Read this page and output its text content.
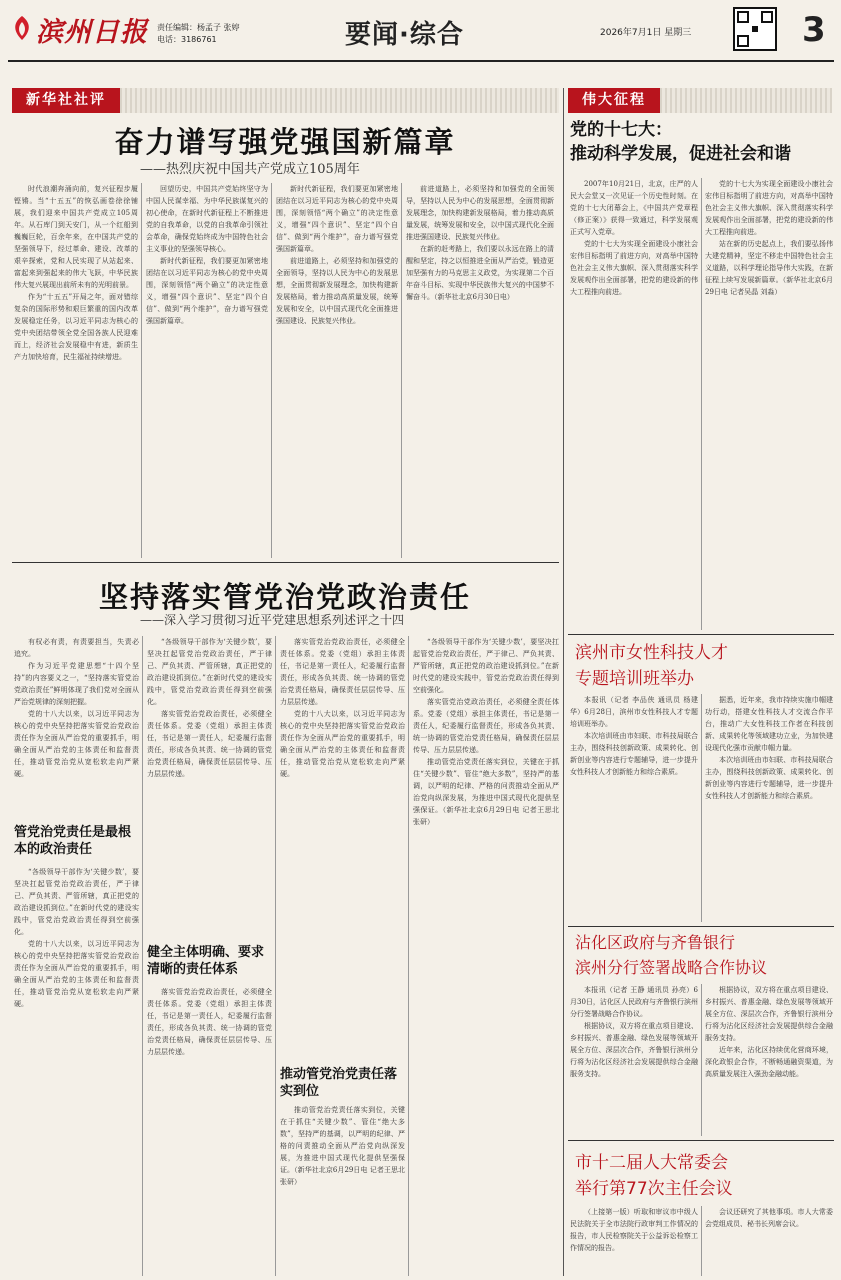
滨州日报 责任编辑：杨孟子 张婷
电话：3186761	要闻·综合	2026年7月1日 星期三	3
新华社社评	伟大征程
奋力谱写强党强国新篇章
——热烈庆祝中国共产党成立105周年

时代浪潮奔涌向前，复兴征程步履铿锵。当“十五五”的恢弘画卷徐徐铺展，我们迎来中国共产党成立105周年。从石库门到天安门，从一个红船到巍巍巨轮，百余年来，在中国共产党的坚强领导下，经过革命、建设、改革的艰辛探索，党和人民实现了从站起来、富起来到强起来的伟大飞跃，中华民族伟大复兴展现出前所未有的光明前景。

作为“十五五”开局之年，面对错综复杂的国际形势和艰巨繁重的国内改革发展稳定任务，以习近平同志为核心的党中央团结带领全党全国各族人民迎难而上，经济社会发展稳中有进，新质生产力加快培育，民生福祉持续增进。

回望历史，中国共产党始终坚守为中国人民谋幸福、为中华民族谋复兴的初心使命，在新时代新征程上不断推进党的自我革命，以党的自我革命引领社会革命，确保党始终成为中国特色社会主义事业的坚强领导核心。

新时代新征程，我们要更加紧密地团结在以习近平同志为核心的党中央周围，深刻领悟“两个确立”的决定性意义，增强“四个意识”、坚定“四个自信”、做到“两个维护”，奋力谱写强党强国新篇章。

新时代新征程，我们要更加紧密地团结在以习近平同志为核心的党中央周围，深刻领悟“两个确立”的决定性意义，增强“四个意识”、坚定“四个自信”、做到“两个维护”，奋力谱写强党强国新篇章。

前进道路上，必须坚持和加强党的全面领导，坚持以人民为中心的发展思想，全面贯彻新发展理念，加快构建新发展格局，着力推动高质量发展，统筹发展和安全，以中国式现代化全面推进强国建设、民族复兴伟业。

前进道路上，必须坚持和加强党的全面领导，坚持以人民为中心的发展思想，全面贯彻新发展理念，加快构建新发展格局，着力推动高质量发展，统筹发展和安全，以中国式现代化全面推进强国建设、民族复兴伟业。

在新的赶考路上，我们要以永远在路上的清醒和坚定，持之以恒推进全面从严治党，锻造更加坚强有力的马克思主义政党，为实现第二个百年奋斗目标、实现中华民族伟大复兴的中国梦不懈奋斗。（新华社北京6月30日电）

坚持落实管党治党政治责任
——深入学习贯彻习近平党建思想系列述评之十四

有权必有责，有责要担当，失责必追究。

作为习近平党建思想“十四个坚持”的内容要义之一，“坚持落实管党治党政治责任”鲜明体现了我们党对全面从严治党规律的深刻把握。

党的十八大以来，以习近平同志为核心的党中央坚持把落实管党治党政治责任作为全面从严治党的重要抓手，明确全面从严治党的主体责任和监督责任，推动管党治党从宽松软走向严紧硬。

管党治党责任是最根本的政治责任

“各级领导干部作为‘关键少数’，要坚决扛起管党治党政治责任，严于律己、严负其责、严管所辖，真正把党的政治建设抓到位。”在新时代党的建设实践中，管党治党政治责任得到空前强化。

党的十八大以来，以习近平同志为核心的党中央坚持把落实管党治党政治责任作为全面从严治党的重要抓手，明确全面从严治党的主体责任和监督责任，推动管党治党从宽松软走向严紧硬。

“各级领导干部作为‘关键少数’，要坚决扛起管党治党政治责任，严于律己、严负其责、严管所辖，真正把党的政治建设抓到位。”在新时代党的建设实践中，管党治党政治责任得到空前强化。

落实管党治党政治责任，必须健全责任体系。党委（党组）承担主体责任，书记是第一责任人，纪委履行监督责任，形成各负其责、统一协调的管党治党责任格局，确保责任层层传导、压力层层传递。

健全主体明确、要求清晰的责任体系

落实管党治党政治责任，必须健全责任体系。党委（党组）承担主体责任，书记是第一责任人，纪委履行监督责任，形成各负其责、统一协调的管党治党责任格局，确保责任层层传导、压力层层传递。

落实管党治党政治责任，必须健全责任体系。党委（党组）承担主体责任，书记是第一责任人，纪委履行监督责任，形成各负其责、统一协调的管党治党责任格局，确保责任层层传导、压力层层传递。

党的十八大以来，以习近平同志为核心的党中央坚持把落实管党治党政治责任作为全面从严治党的重要抓手，明确全面从严治党的主体责任和监督责任，推动管党治党从宽松软走向严紧硬。

推动管党治党责任落实到位

推动管党治党责任落实到位，关键在于抓住“关键少数”、管住“绝大多数”，坚持严的基调，以严明的纪律、严格的问责推动全面从严治党向纵深发展，为推进中国式现代化提供坚强保证。（新华社北京6月29日电 记者王思北 张研）

“各级领导干部作为‘关键少数’，要坚决扛起管党治党政治责任，严于律己、严负其责、严管所辖，真正把党的政治建设抓到位。”在新时代党的建设实践中，管党治党政治责任得到空前强化。

落实管党治党政治责任，必须健全责任体系。党委（党组）承担主体责任，书记是第一责任人，纪委履行监督责任，形成各负其责、统一协调的管党治党责任格局，确保责任层层传导、压力层层传递。

推动管党治党责任落实到位，关键在于抓住“关键少数”、管住“绝大多数”，坚持严的基调，以严明的纪律、严格的问责推动全面从严治党向纵深发展，为推进中国式现代化提供坚强保证。（新华社北京6月29日电 记者王思北 张研）

党的十七大：
推动科学发展，促进社会和谐

2007年10月21日，北京，庄严的人民大会堂又一次见证一个历史性时刻。在党的十七大闭幕会上，《中国共产党章程（修正案）》获得一致通过，科学发展观正式写入党章。

党的十七大为实现全面建设小康社会宏伟目标指明了前进方向，对高举中国特色社会主义伟大旗帜、深入贯彻落实科学发展观作出全面部署，把党的建设新的伟大工程推向前进。

党的十七大为实现全面建设小康社会宏伟目标指明了前进方向，对高举中国特色社会主义伟大旗帜、深入贯彻落实科学发展观作出全面部署，把党的建设新的伟大工程推向前进。

站在新的历史起点上，我们要弘扬伟大建党精神，坚定不移走中国特色社会主义道路，以科学理论指导伟大实践，在新征程上续写发展新篇章。（新华社北京6月29日电 记者吴晶 刘淼）

滨州市女性科技人才
专题培训班举办

本报讯（记者 李品侠 通讯员 杨建华）6月28日，滨州市女性科技人才专题培训班举办。

本次培训班由市妇联、市科技局联合主办，围绕科技创新政策、成果转化、创新创业等内容进行专题辅导，进一步提升女性科技人才创新能力和综合素质。

据悉，近年来，我市持续实施巾帼建功行动，搭建女性科技人才交流合作平台，推动广大女性科技工作者在科技创新、成果转化等领域建功立业，为加快建设现代化强市贡献巾帼力量。

本次培训班由市妇联、市科技局联合主办，围绕科技创新政策、成果转化、创新创业等内容进行专题辅导，进一步提升女性科技人才创新能力和综合素质。

沾化区政府与齐鲁银行
滨州分行签署战略合作协议

本报讯（记者 王静 通讯员 孙亮）6月30日，沾化区人民政府与齐鲁银行滨州分行签署战略合作协议。

根据协议，双方将在重点项目建设、乡村振兴、普惠金融、绿色发展等领域开展全方位、深层次合作，齐鲁银行滨州分行将为沾化区经济社会发展提供综合金融服务支持。

根据协议，双方将在重点项目建设、乡村振兴、普惠金融、绿色发展等领域开展全方位、深层次合作，齐鲁银行滨州分行将为沾化区经济社会发展提供综合金融服务支持。

近年来，沾化区持续优化营商环境，深化政银企合作，不断畅通融资渠道，为高质量发展注入强劲金融动能。

市十二届人大常委会
举行第77次主任会议

（上接第一版）听取和审议市中级人民法院关于全市法院行政审判工作情况的报告，市人民检察院关于公益诉讼检察工作情况的报告。

会议还研究了其他事项。市人大常委会党组成员、秘书长列席会议。
